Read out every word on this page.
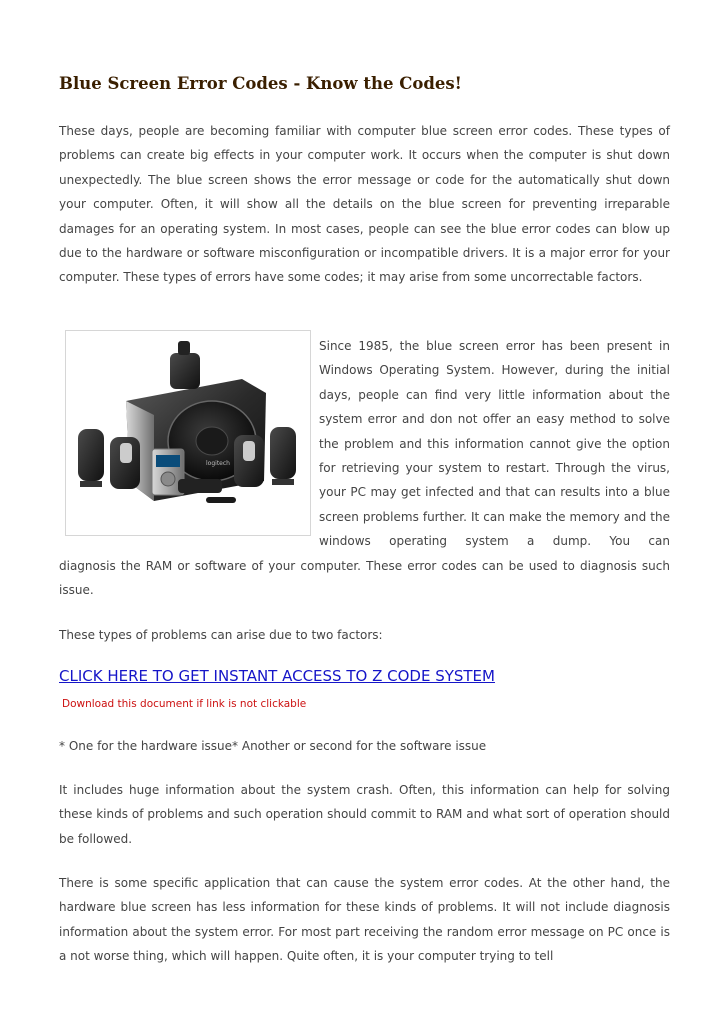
Blue Screen Error Codes - Know the Codes!

These days, people are becoming familiar with computer blue screen error codes. These types of problems can create big effects in your computer work. It occurs when the computer is shut down unexpectedly. The blue screen shows the error message or code for the automatically shut down your computer. Often, it will show all the details on the blue screen for preventing irreparable damages for an operating system. In most cases, people can see the blue error codes can blow up due to the hardware or software misconfiguration or incompatible drivers. It is a major error for your computer. These types of errors have some codes; it may arise from some uncorrectable factors.

logitech

Since 1985, the blue screen error has been present in Windows Operating System. However, during the initial days, people can find very little information about the system error and don not offer an easy method to solve the problem and this information cannot give the option for retrieving your system to restart. Through the virus, your PC may get infected and that can results into a blue screen problems further. It can make the memory and the windows operating system a dump. You can

diagnosis the RAM or software of your computer. These error codes can be used to diagnosis such issue.

These types of problems can arise due to two factors:

CLICK HERE TO GET INSTANT ACCESS TO Z CODE SYSTEM
Download this document if link is not clickable

* One for the hardware issue* Another or second for the software issue

It includes huge information about the system crash. Often, this information can help for solving these kinds of problems and such operation should commit to RAM and what sort of operation should be followed.

There is some specific application that can cause the system error codes. At the other hand, the hardware blue screen has less information for these kinds of problems. It will not include diagnosis information about the system error. For most part receiving the random error message on PC once is a not worse thing, which will happen. Quite often, it is your computer trying to tell
